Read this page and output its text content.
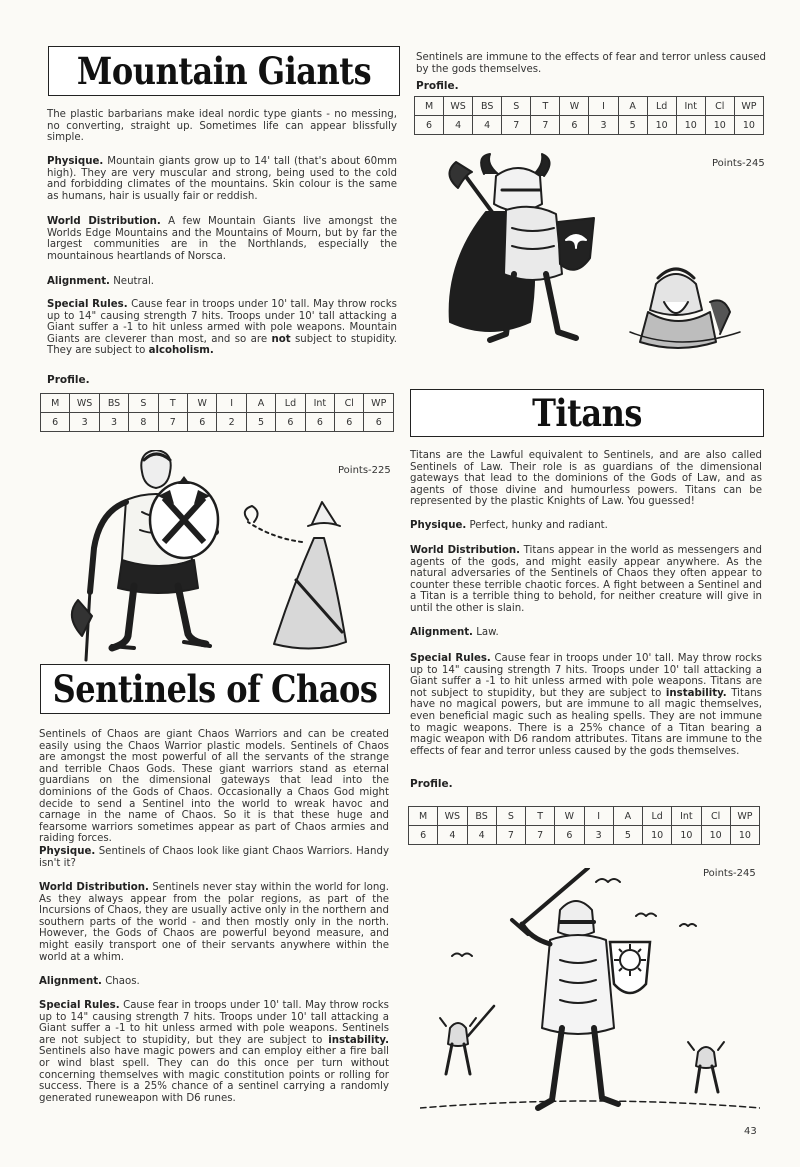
Mountain Giants

The plastic barbarians make ideal nordic type giants - no messing, no converting, straight up. Sometimes life can appear blissfully simple.

Physique. Mountain giants grow up to 14' tall (that's about 60mm high). They are very muscular and strong, being used to the cold and forbidding climates of the mountains. Skin colour is the same as humans, hair is usually fair or reddish.

World Distribution. A few Mountain Giants live amongst the Worlds Edge Mountains and the Mountains of Mourn, but by far the largest communities are in the Northlands, especially the mountainous heartlands of Norsca.

Alignment. Neutral.

Special Rules. Cause fear in troops under 10' tall. May throw rocks up to 14" causing strength 7 hits. Troops under 10' tall attacking a Giant suffer a -1 to hit unless armed with pole weapons. Mountain Giants are cleverer than most, and so are not subject to stupidity. They are subject to alcoholism.

Profile.
M	WS	BS	S	T	W	I	A	Ld	Int	Cl	WP
6	3	3	8	7	6	2	5	6	6	6	6
Points-225
Sentinels of Chaos

Sentinels of Chaos are giant Chaos Warriors and can be created easily using the Chaos Warrior plastic models. Sentinels of Chaos are amongst the most powerful of all the servants of the strange and terrible Chaos Gods. These giant warriors stand as eternal guardians on the dimensional gateways that lead into the dominions of the Gods of Chaos. Occasionally a Chaos God might decide to send a Sentinel into the world to wreak havoc and carnage in the name of Chaos. So it is that these huge and fearsome warriors sometimes appear as part of Chaos armies and raiding forces.

Physique. Sentinels of Chaos look like giant Chaos Warriors. Handy isn't it?

World Distribution. Sentinels never stay within the world for long. As they always appear from the polar regions, as part of the Incursions of Chaos, they are usually active only in the northern and southern parts of the world - and then mostly only in the north. However, the Gods of Chaos are powerful beyond measure, and might easily transport one of their servants anywhere within the world at a whim.

Alignment. Chaos.

Special Rules. Cause fear in troops under 10' tall. May throw rocks up to 14" causing strength 7 hits. Troops under 10' tall attacking a Giant suffer a -1 to hit unless armed with pole weapons. Sentinels are not subject to stupidity, but they are subject to instability. Sentinels also have magic powers and can employ either a fire ball or wind blast spell. They can do this once per turn without concerning themselves with magic constitution points or rolling for success. There is a 25% chance of a sentinel carrying a randomly generated runeweapon with D6 runes.

Sentinels are immune to the effects of fear and terror unless caused by the gods themselves.

Profile.
M	WS	BS	S	T	W	I	A	Ld	Int	Cl	WP
6	4	4	7	7	6	3	5	10	10	10	10
Points-245
Titans

Titans are the Lawful equivalent to Sentinels, and are also called Sentinels of Law. Their role is as guardians of the dimensional gateways that lead to the dominions of the Gods of Law, and as agents of those divine and humourless powers. Titans can be represented by the plastic Knights of Law. You guessed!

Physique. Perfect, hunky and radiant.

World Distribution. Titans appear in the world as messengers and agents of the gods, and might easily appear anywhere. As the natural adversaries of the Sentinels of Chaos they often appear to counter these terrible chaotic forces. A fight between a Sentinel and a Titan is a terrible thing to behold, for neither creature will give in until the other is slain.

Alignment. Law.

Special Rules. Cause fear in troops under 10' tall. May throw rocks up to 14" causing strength 7 hits. Troops under 10' tall attacking a Giant suffer a -1 to hit unless armed with pole weapons. Titans are not subject to stupidity, but they are subject to instability. Titans have no magical powers, but are immune to all magic themselves, even beneficial magic such as healing spells. They are not immune to magic weapons. There is a 25% chance of a Titan bearing a magic weapon with D6 random attributes. Titans are immune to the effects of fear and terror unless caused by the gods themselves.

Profile.
M	WS	BS	S	T	W	I	A	Ld	Int	Cl	WP
6	4	4	7	7	6	3	5	10	10	10	10
Points-245
43
